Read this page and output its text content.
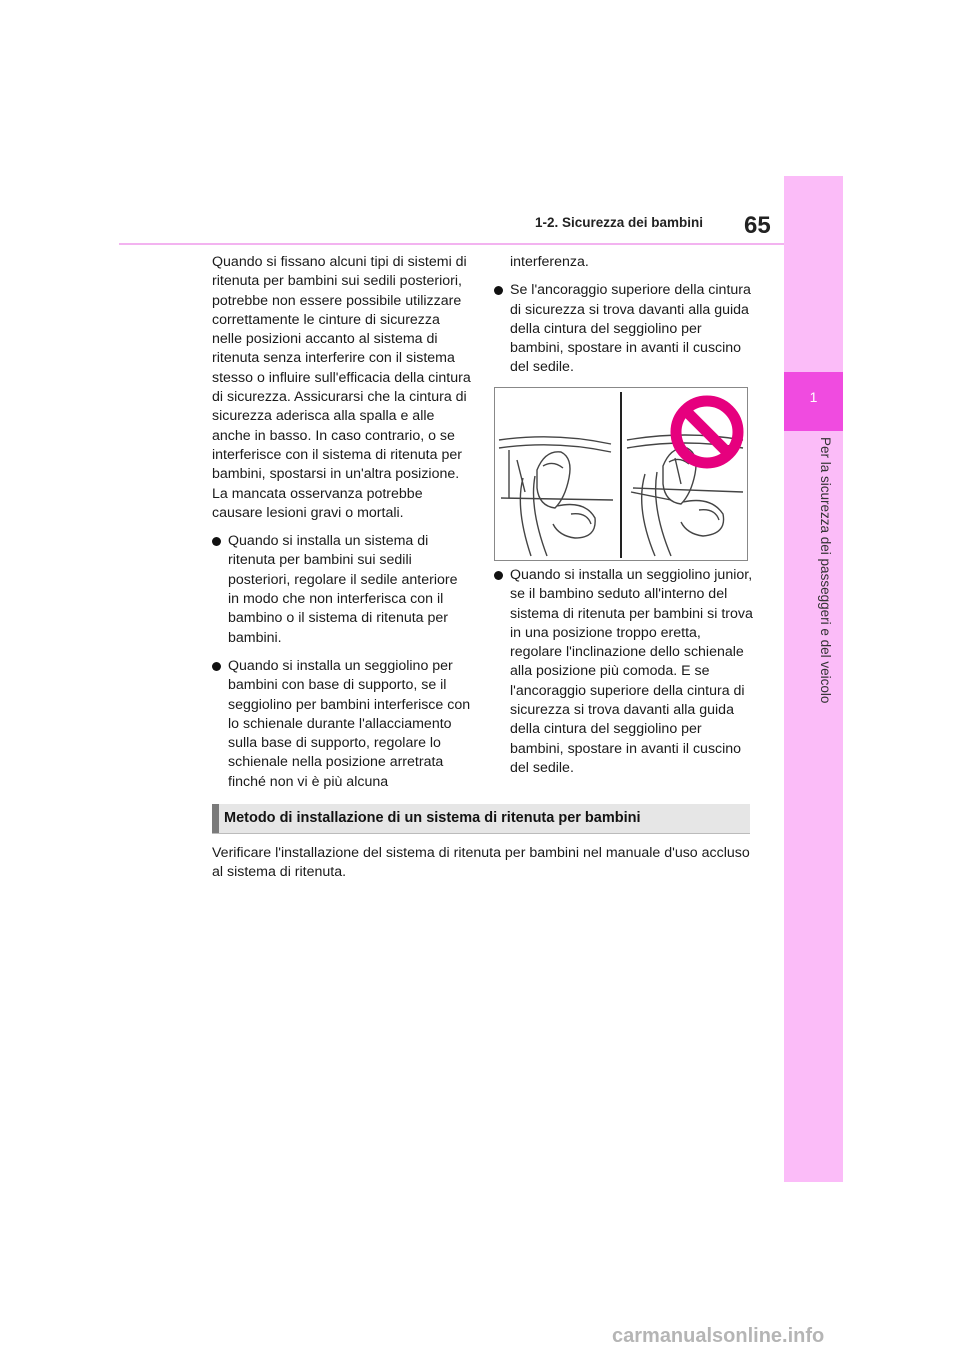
1
Per la sicurezza dei passeggeri e del veicolo
1-2. Sicurezza dei bambini 65

Quando si fissano alcuni tipi di sistemi di ritenuta per bambini sui sedili posteriori, potrebbe non essere possibile utilizzare correttamente le cinture di sicurezza nelle posizioni accanto al sistema di ritenuta senza interferire con il sistema stesso o influire sull'efficacia della cintura di sicurezza. Assicurarsi che la cintura di sicurezza aderisca alla spalla e alle anche in basso. In caso contrario, o se interferisce con il sistema di ritenuta per bambini, spostarsi in un'altra posizione. La mancata osservanza potrebbe causare lesioni gravi o mortali.

Quando si installa un sistema di ritenuta per bambini sui sedili posteriori, regolare il sedile anteriore in modo che non interferisca con il bambino o il sistema di ritenuta per bambini.
Quando si installa un seggiolino per bambini con base di supporto, se il seggiolino per bambini interferisce con lo schienale durante l'allacciamento sulla base di supporto, regolare lo schienale nella posizione arretrata finché non vi è più alcuna

interferenza.

Se l'ancoraggio superiore della cintura di sicurezza si trova davanti alla guida della cintura del seggiolino per bambini, spostare in avanti il cuscino del sedile.
Quando si installa un seggiolino junior, se il bambino seduto all'interno del sistema di ritenuta per bambini si trova in una posizione troppo eretta, regolare l'inclinazione dello schienale alla posizione più comoda. E se l'ancoraggio superiore della cintura di sicurezza si trova davanti alla guida della cintura del seggiolino per bambini, spostare in avanti il cuscino del sedile.
Metodo di installazione di un sistema di ritenuta per bambini
Verificare l'installazione del sistema di ritenuta per bambini nel manuale d'uso accluso al sistema di ritenuta.
carmanualsonline.info
